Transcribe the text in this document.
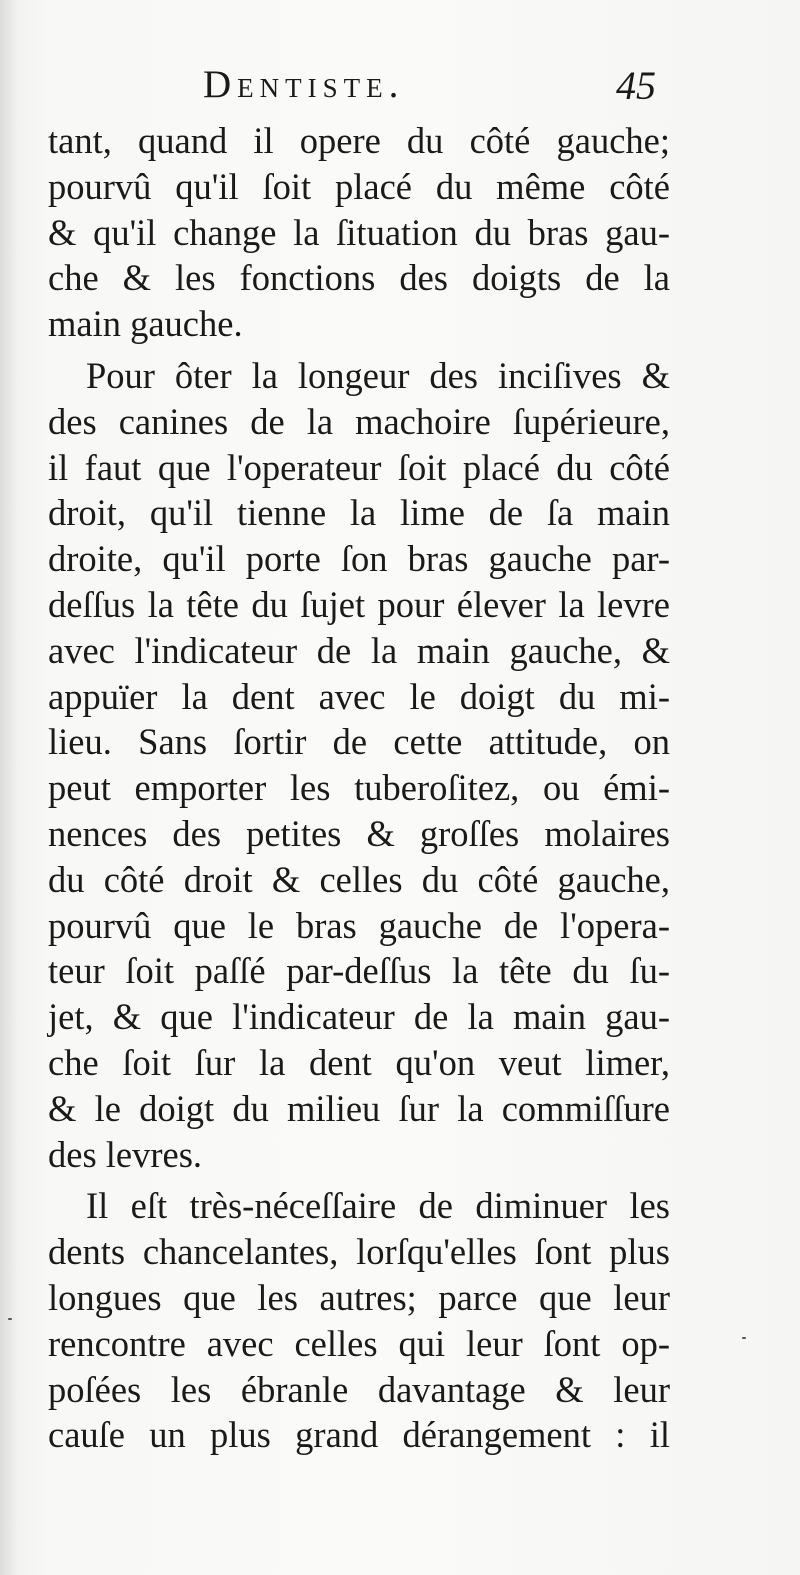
Dentiste.	45
tant, quand il opere du côté gauche;
pourvû qu'il ſoit placé du même côté
& qu'il change la ſituation du bras gau-
che & les fonctions des doigts de la
main gauche.
Pour ôter la longeur des inciſives &
des canines de la machoire ſupérieure,
il faut que l'operateur ſoit placé du côté
droit, qu'il tienne la lime de ſa main
droite, qu'il porte ſon bras gauche par-
deſſus la tête du ſujet pour élever la levre
avec l'indicateur de la main gauche, &
appuïer la dent avec le doigt du mi-
lieu. Sans ſortir de cette attitude, on
peut emporter les tuberoſitez, ou émi-
nences des petites & groſſes molaires
du côté droit & celles du côté gauche,
pourvû que le bras gauche de l'opera-
teur ſoit paſſé par-deſſus la tête du ſu-
jet, & que l'indicateur de la main gau-
che ſoit ſur la dent qu'on veut limer,
& le doigt du milieu ſur la commiſſure
des levres.
Il eſt très-néceſſaire de diminuer les
dents chancelantes, lorſqu'elles ſont plus
longues que les autres; parce que leur
rencontre avec celles qui leur ſont op-
poſées les ébranle davantage & leur
cauſe un plus grand dérangement : il
